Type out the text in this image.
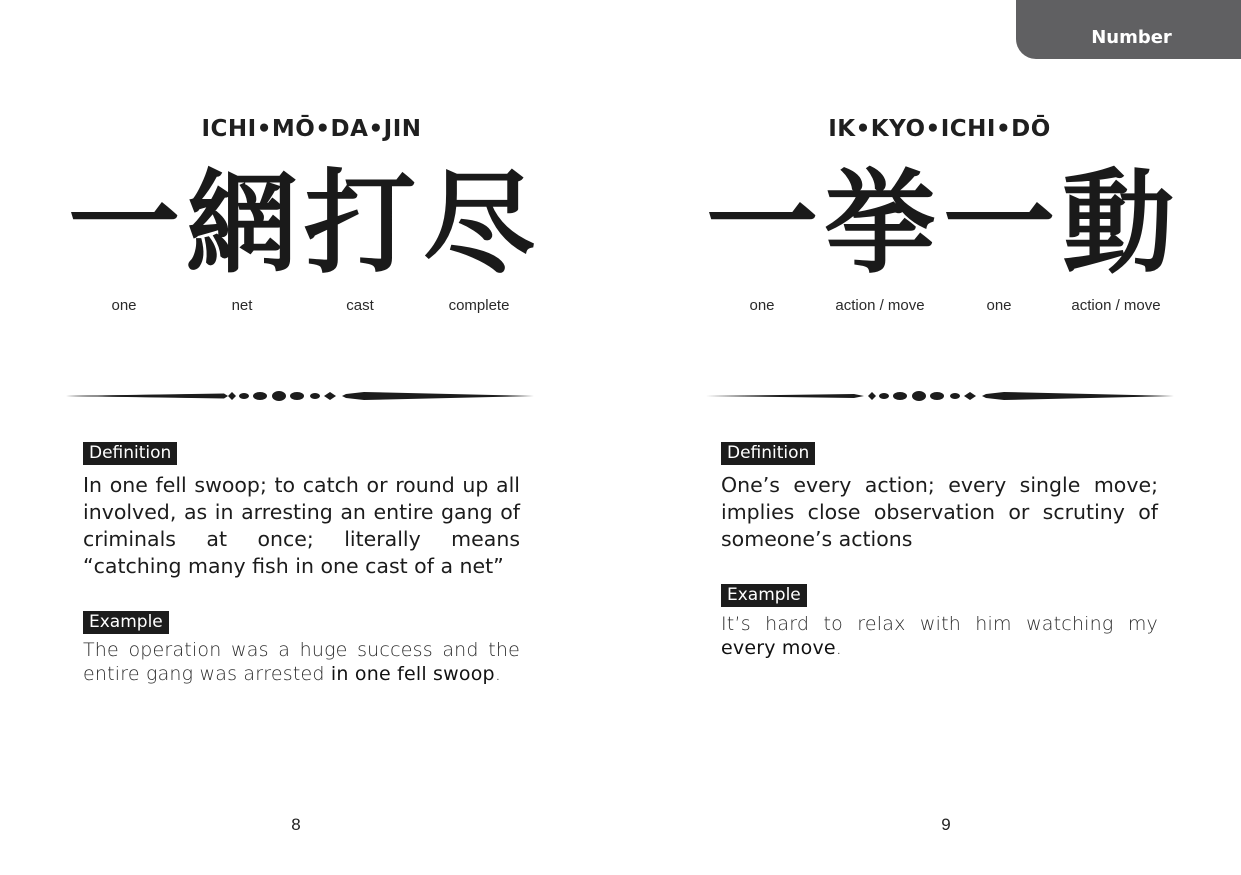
Number
ICHI•MŌ•DA•JIN
一 網 打 尽
one	net	cast	complete
Definition

In one fell swoop; to catch or round up all involved, as in arresting an entire gang of criminals at once; literally means “catching many fish in one cast of a net”

Example

The operation was a huge success and the entire gang was arrested in one fell swoop.

8
IK•KYO•ICHI•DŌ
一 挙 一 動
one	action / move	one	action / move
Definition

One’s every action; every single move; implies close observation or scrutiny of someone’s actions

Example

It’s hard to relax with him watching my every move.

9
